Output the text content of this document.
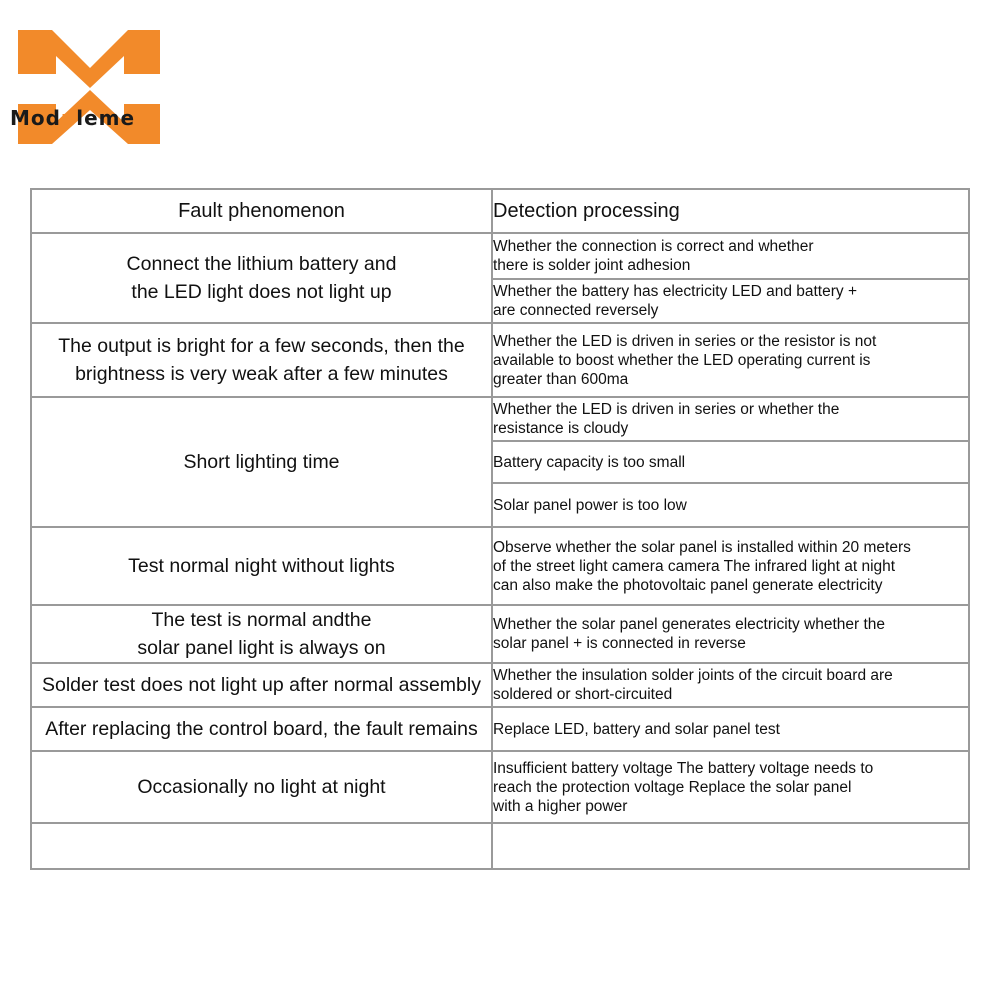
Moduleme
Fault phenomenon	Detection processing

Connect the lithium battery and
the LED light does not light up	Whether the connection is correct and whether
there is solder joint adhesion

	Whether the battery has electricity LED and battery +
are connected reversely

The output is bright for a few seconds, then the
brightness is very weak after a few minutes	Whether the LED is driven in series or the resistor is not
available to boost whether the LED operating current is
greater than 600ma

Short lighting time	Whether the LED is driven in series or whether the
resistance is cloudy

	Battery capacity is too small

	Solar panel power is too low

Test normal night without lights	Observe whether the solar panel is installed within 20 meters
of the street light camera camera The infrared light at night
can also make the photovoltaic panel generate electricity

The test is normal andthe
solar panel light is always on	Whether the solar panel generates electricity whether the
solar panel + is connected in reverse

Solder test does not light up after normal assembly	Whether the insulation solder joints of the circuit board are
soldered or short-circuited

After replacing the control board, the fault remains	Replace LED, battery and solar panel test

Occasionally no light at night	Insufficient battery voltage The battery voltage needs to
reach the protection voltage Replace the solar panel
with a higher power
